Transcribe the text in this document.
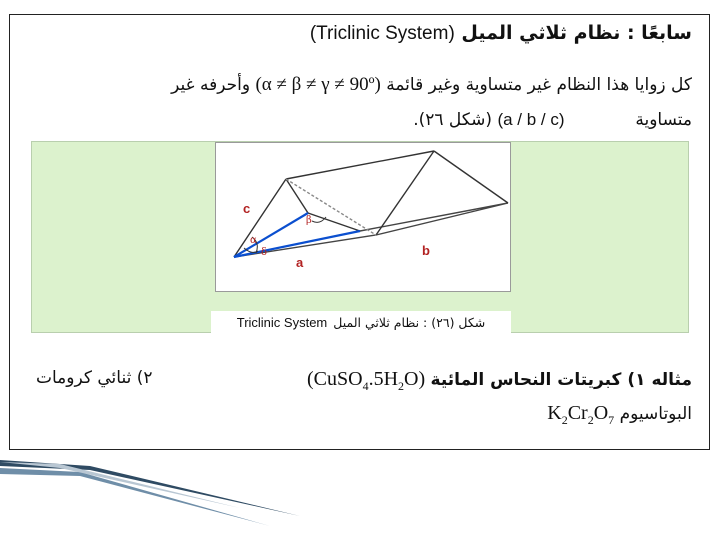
سابعًا : نظام ثلاثي الميل (Triclinic System)
كل زوايا هذا النظام غير متساوية وغير قائمة (α ≠ β ≠ γ ≠ 90º) وأحرفه غير
متساوية  (a / b / c) (شكل ٢٦).
c
a
b
α
δ
β
شكل (٢٦) : نظام ثلاثي الميل
Triclinic System
مثاله ١) كبريتات النحاس المائية $(CuSO_4.5H_2O)$
٢) ثنائي كرومات
البوتاسيوم $K_2Cr_2O_7$
